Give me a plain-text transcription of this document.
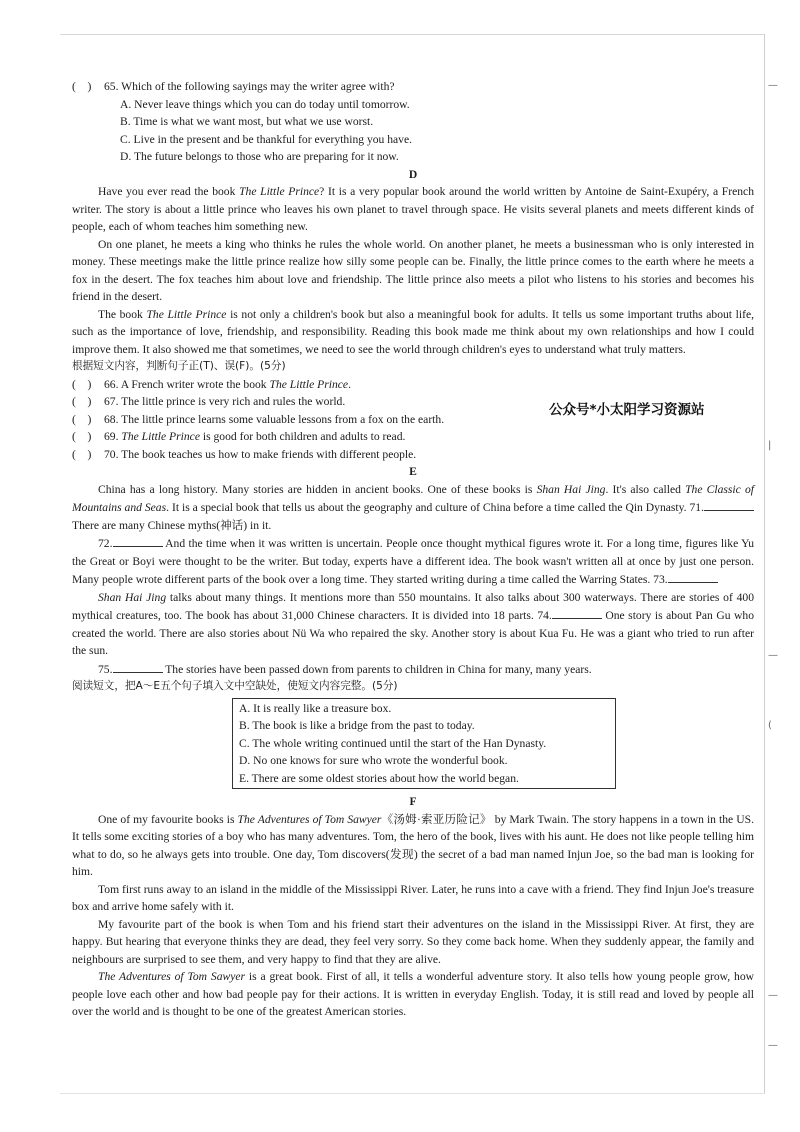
—
|
—
(
—
—
公众号*小太阳学习资源站
(　)	65. Which of the following sayings may the writer agree with?
A. Never leave things which you can do today until tomorrow.
B. Time is what we want most, but what we use worst.
C. Live in the present and be thankful for everything you have.
D. The future belongs to those who are preparing for it now.

D

Have you ever read the book The Little Prince? It is a very popular book around the world written by Antoine de Saint-Exupéry, a French writer. The story is about a little prince who leaves his own planet to travel through space. He visits several planets and meets different kinds of people, each of whom teaches him something new.

On one planet, he meets a king who thinks he rules the whole world. On another planet, he meets a businessman who is only interested in money. These meetings make the little prince realize how silly some people can be. Finally, the little prince comes to the earth where he meets a fox in the desert. The fox teaches him about love and friendship. The little prince also meets a pilot who listens to his stories and becomes his friend in the desert.

The book The Little Prince is not only a children's book but also a meaningful book for adults. It tells us some important truths about life, such as the importance of love, friendship, and responsibility. Reading this book made me think about my own relationships and how I could improve them. It also showed me that sometimes, we need to see the world through children's eyes to understand what truly matters.

根据短文内容，判断句子正(T)、误(F)。(5分)

(　)	66. A French writer wrote the book The Little Prince.
(　)	67. The little prince is very rich and rules the world.
(　)	68. The little prince learns some valuable lessons from a fox on the earth.
(　)	69. The Little Prince is good for both children and adults to read.
(　)	70. The book teaches us how to make friends with different people.

E

China has a long history. Many stories are hidden in ancient books. One of these books is Shan Hai Jing. It's also called The Classic of Mountains and Seas. It is a special book that tells us about the geography and culture of China before a time called the Qin Dynasty. 71. There are many Chinese myths(神话) in it.

72.	And the time when it was written is uncertain. People once thought mythical figures wrote it. For a long time, figures like Yu the Great or Boyi were thought to be the writer. But today, experts have a different idea. The book wasn't written all at once by just one person. Many people wrote different parts of the book over a long time. They started writing during a time called the Warring States. 73.

Shan Hai Jing talks about many things. It mentions more than 550 mountains. It also talks about 300 waterways. There are stories of 400 mythical creatures, too. The book has about 31,000 Chinese characters. It is divided into 18 parts. 74.	One story is about Pan Gu who created the world. There are also stories about Nü Wa who repaired the sky. Another story is about Kua Fu. He was a giant who tried to run after the sun.

75.	The stories have been passed down from parents to children in China for many, many years.

阅读短文，把A～E五个句子填入文中空缺处，使短文内容完整。(5分)

A. It is really like a treasure box.
B. The book is like a bridge from the past to today.
C. The whole writing continued until the start of the Han Dynasty.
D. No one knows for sure who wrote the wonderful book.
E. There are some oldest stories about how the world began.

F

One of my favourite books is The Adventures of Tom Sawyer《汤姆·索亚历险记》 by Mark Twain. The story happens in a town in the US. It tells some exciting stories of a boy who has many adventures. Tom, the hero of the book, lives with his aunt. He does not like people telling him what to do, so he always gets into trouble. One day, Tom discovers(发现) the secret of a bad man named Injun Joe, so the bad man is looking for him.

Tom first runs away to an island in the middle of the Mississippi River. Later, he runs into a cave with a friend. They find Injun Joe's treasure box and arrive home safely with it.

My favourite part of the book is when Tom and his friend start their adventures on the island in the Mississippi River. At first, they are happy. But hearing that everyone thinks they are dead, they feel very sorry. So they come back home. When they suddenly appear, the family and neighbours are surprised to see them, and very happy to find that they are alive.

The Adventures of Tom Sawyer is a great book. First of all, it tells a wonderful adventure story. It also tells how young people grow, how people love each other and how bad people pay for their actions. It is written in everyday English. Today, it is still read and loved by people all over the world and is thought to be one of the greatest American stories.
